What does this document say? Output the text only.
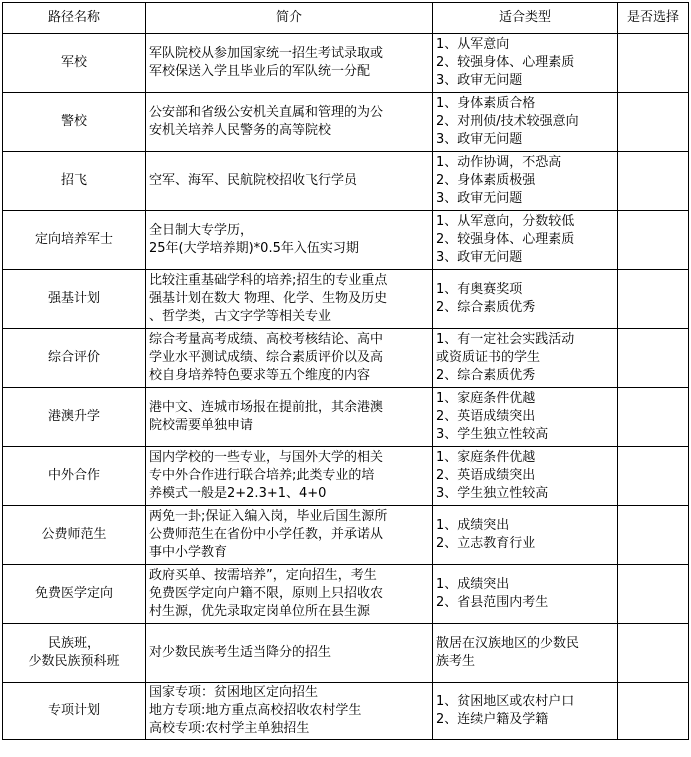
路径名称	简介	适合类型	是否选择

军校	军队院校从参加国家统一招生考试录取或
军校保送入学且毕业后的军队统一分配	1、从军意向
2、较强身体、心理素质
3、政审无问题	

警校	公安部和省级公安机关直属和管理的为公
安机关培养人民警务的高等院校	1、身体素质合格
2、对刑侦/技术较强意向
3、政审无问题	

招飞	空军、海军、民航院校招收飞行学员	1、动作协调，不恐高
2、身体素质极强
3、政审无问题	

定向培养军士	全日制大专学历，
25年(大学培养期)*0.5年入伍实习期	1、从军意向，分数较低
2、较强身体、心理素质
3、政审无问题	

强基计划	比较注重基础学科的培养;招生的专业重点
强基计划在数大 物理、化学、生物及历史
、哲学类，古文字学等相关专业	1、有奥赛奖项
2、综合素质优秀	

综合评价	综合考量高考成绩、高校考核结论、高中
学业水平测试成绩、综合素质评价以及高
校自身培养特色要求等五个维度的内容	1、有一定社会实践活动
或资质证书的学生
2、综合素质优秀	

港澳升学	港中文、连城市场报在提前批，其余港澳
院校需要单独申请	1、家庭条件优越
2、英语成绩突出
3、学生独立性较高	

中外合作	国内学校的一些专业，与国外大学的相关
专中外合作进行联合培养;此类专业的培
养模式一般是2+2.3+1、4+0	1、家庭条件优越
2、英语成绩突出
3、学生独立性较高	

公费师范生	两免一卦;保证入编入岗，毕业后国生源所
公费师范生在省份中小学任教，并承诺从
事中小学教育	1、成绩突出
2、立志教育行业	

免费医学定向	政府买单、按需培养”，定向招生，考生
免费医学定向户籍不限，原则上只招收农
村生源，优先录取定岗单位所在县生源	1、成绩突出
2、省县范围内考生	

民族班，
少数民族预科班	对少数民族考生适当降分的招生	散居在汉族地区的少数民
族考生	

专项计划	国家专项：贫困地区定向招生
地方专项:地方重点高校招收农村学生
高校专项:农村学主单独招生	1、贫困地区或农村户口
2、连续户籍及学籍	
